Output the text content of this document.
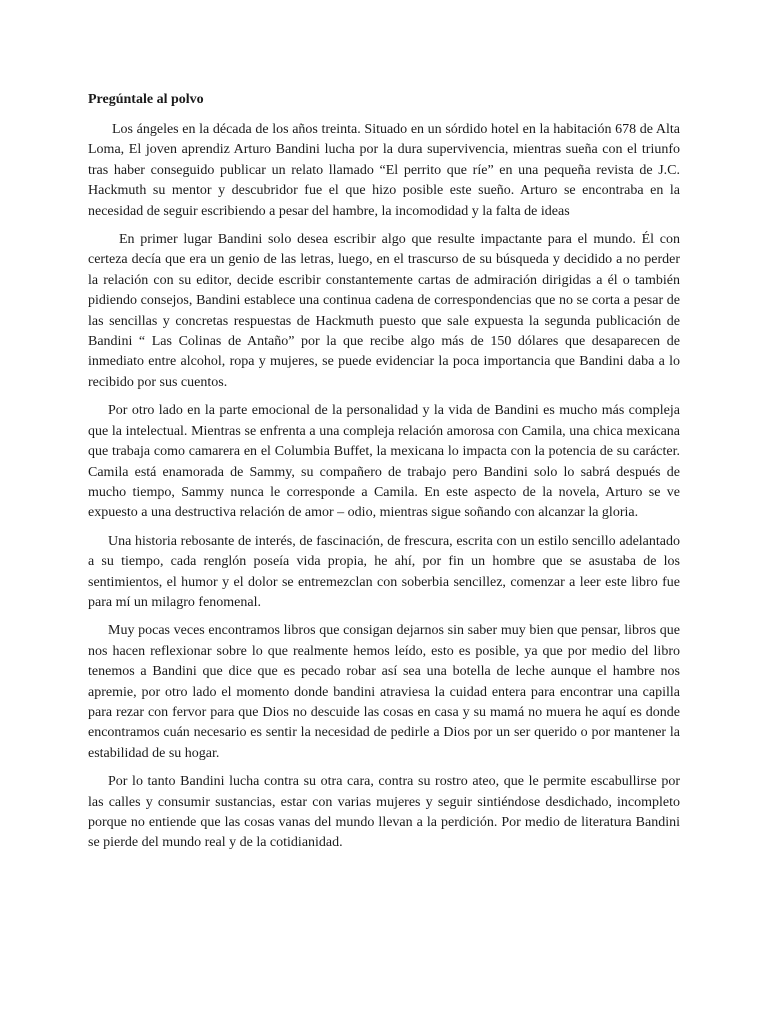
Pregúntale al polvo

Los ángeles en la década de los años treinta. Situado en un sórdido hotel en la habitación 678 de Alta Loma, El joven aprendiz Arturo Bandini lucha por la dura supervivencia, mientras sueña con el triunfo tras haber conseguido publicar un relato llamado “El perrito que ríe” en una pequeña revista de J.C. Hackmuth su mentor y descubridor fue el que hizo posible este sueño. Arturo se encontraba en la necesidad de seguir escribiendo a pesar del hambre, la incomodidad y la falta de ideas

En primer lugar Bandini solo desea escribir algo que resulte impactante para el mundo. Él con certeza decía que era un genio de las letras, luego, en el trascurso de su búsqueda y decidido a no perder la relación con su editor, decide escribir constantemente cartas de admiración dirigidas a él o también pidiendo consejos, Bandini establece una continua cadena de correspondencias que no se corta a pesar de las sencillas y concretas respuestas de Hackmuth puesto que sale expuesta la segunda publicación de Bandini “ Las Colinas de Antaño” por la que recibe algo más de 150 dólares que desaparecen de inmediato entre alcohol, ropa y mujeres, se puede evidenciar la poca importancia que Bandini daba a lo recibido por sus cuentos.

Por otro lado en la parte emocional de la personalidad y la vida de Bandini es mucho más compleja que la intelectual. Mientras se enfrenta a una compleja relación amorosa con Camila, una chica mexicana que trabaja como camarera en el Columbia Buffet, la mexicana lo impacta con la potencia de su carácter. Camila está enamorada de Sammy, su compañero de trabajo pero Bandini solo lo sabrá después de mucho tiempo, Sammy nunca le corresponde a Camila. En este aspecto de la novela, Arturo se ve expuesto a una destructiva relación de amor – odio, mientras sigue soñando con alcanzar la gloria.

Una historia rebosante de interés, de fascinación, de frescura, escrita con un estilo sencillo adelantado a su tiempo, cada renglón poseía vida propia, he ahí, por fin un hombre que se asustaba de los sentimientos, el humor y el dolor se entremezclan con soberbia sencillez, comenzar a leer este libro fue para mí un milagro fenomenal.

Muy pocas veces encontramos libros que consigan dejarnos sin saber muy bien que pensar, libros que nos hacen reflexionar sobre lo que realmente hemos leído, esto es posible, ya que por medio del libro tenemos a Bandini que dice que es pecado robar así sea una botella de leche aunque el hambre nos apremie, por otro lado el momento donde bandini atraviesa la cuidad entera para encontrar una capilla para rezar con fervor para que Dios no descuide las cosas en casa y su mamá no muera he aquí es donde encontramos cuán necesario es sentir la necesidad de pedirle a Dios por un ser querido o por mantener la estabilidad de su hogar.

Por lo tanto Bandini lucha contra su otra cara, contra su rostro ateo, que le permite escabullirse por las calles y consumir sustancias, estar con varias mujeres y seguir sintiéndose desdichado, incompleto porque no entiende que las cosas vanas del mundo llevan a la perdición. Por medio de literatura Bandini se pierde del mundo real y de la cotidianidad.
